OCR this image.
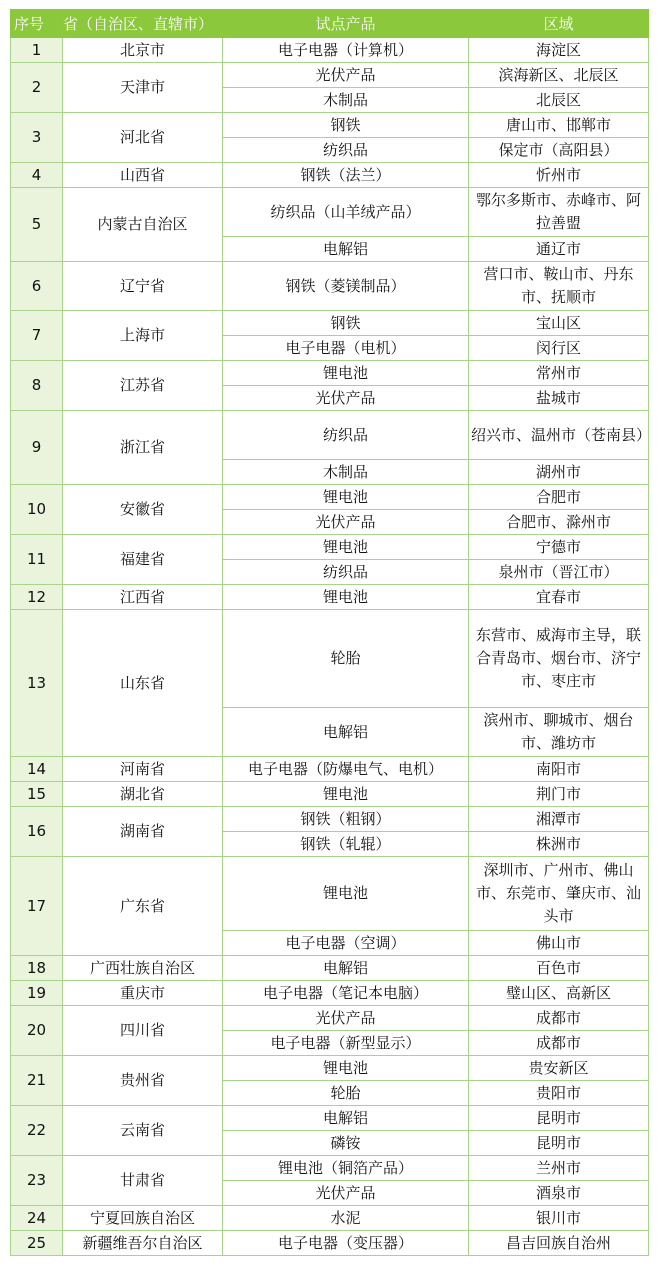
序号	省（自治区、直辖市）	试点产品	区域
1	北京市	电子电器（计算机）	海淀区
2	天津市	光伏产品	滨海新区、北辰区
		木制品	北辰区
3	河北省	钢铁	唐山市、邯郸市
		纺织品	保定市（高阳县）
4	山西省	钢铁（法兰）	忻州市
5	内蒙古自治区	纺织品（山羊绒产品）	鄂尔多斯市、赤峰市、阿拉善盟
		电解铝	通辽市
6	辽宁省	钢铁（菱镁制品）	营口市、鞍山市、丹东市、抚顺市
7	上海市	钢铁	宝山区
		电子电器（电机）	闵行区
8	江苏省	锂电池	常州市
		光伏产品	盐城市
9	浙江省	纺织品	绍兴市、温州市（苍南县）
		木制品	湖州市
10	安徽省	锂电池	合肥市
		光伏产品	合肥市、滁州市
11	福建省	锂电池	宁德市
		纺织品	泉州市（晋江市）
12	江西省	锂电池	宜春市
13	山东省	轮胎	东营市、威海市主导，联合青岛市、烟台市、济宁市、枣庄市
		电解铝	滨州市、聊城市、烟台市、潍坊市
14	河南省	电子电器（防爆电气、电机）	南阳市
15	湖北省	锂电池	荆门市
16	湖南省	钢铁（粗钢）	湘潭市
		钢铁（轧辊）	株洲市
17	广东省	锂电池	深圳市、广州市、佛山市、东莞市、肇庆市、汕头市
		电子电器（空调）	佛山市
18	广西壮族自治区	电解铝	百色市
19	重庆市	电子电器（笔记本电脑）	璧山区、高新区
20	四川省	光伏产品	成都市
		电子电器（新型显示）	成都市
21	贵州省	锂电池	贵安新区
		轮胎	贵阳市
22	云南省	电解铝	昆明市
		磷铵	昆明市
23	甘肃省	锂电池（铜箔产品）	兰州市
		光伏产品	酒泉市
24	宁夏回族自治区	水泥	银川市
25	新疆维吾尔自治区	电子电器（变压器）	昌吉回族自治州
